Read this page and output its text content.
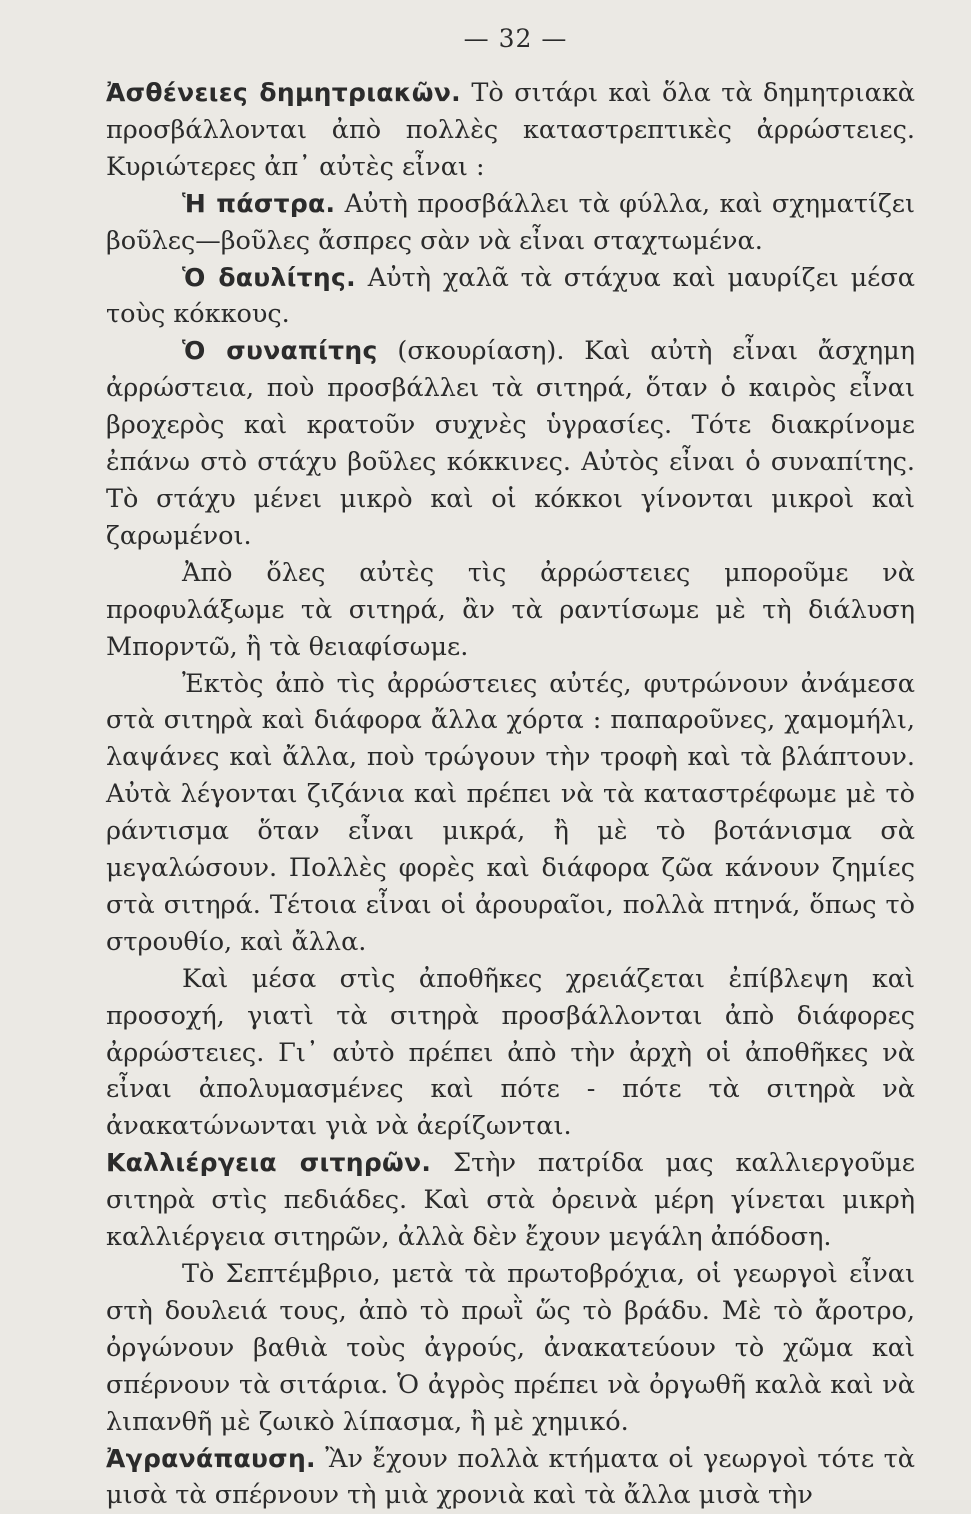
— 32 —

Ἀσθένειες δημητριακῶν. Τὸ σιτάρι καὶ ὅλα τὰ δημητριακὰ προσβάλλονται ἀπὸ πολλὲς καταστρεπτικὲς ἀρρώστειες. Κυριώτερες ἀπ᾿ αὐτὲς εἶναι :

Ἡ πάστρα. Αὐτὴ προσβάλλει τὰ φύλλα, καὶ σχηματίζει βοῦλες—βοῦλες ἄσπρες σὰν νὰ εἶναι σταχτωμένα.

Ὁ δαυλίτης. Αὐτὴ χαλᾶ τὰ στάχυα καὶ μαυρίζει μέσα τοὺς κόκκους.

Ὁ συναπίτης (σκουρίαση). Καὶ αὐτὴ εἶναι ἄσχημη ἀρρώστεια, ποὺ προσβάλλει τὰ σιτηρά, ὅταν ὁ καιρὸς εἶναι βροχερὸς καὶ κρατοῦν συχνὲς ὑγρασίες. Τότε διακρίνομε ἐπάνω στὸ στάχυ βοῦλες κόκκινες. Αὐτὸς εἶναι ὁ συναπίτης. Τὸ στάχυ μένει μικρὸ καὶ οἱ κόκκοι γίνονται μικροὶ καὶ ζαρωμένοι.

Ἀπὸ ὅλες αὐτὲς τὶς ἀρρώστειες μποροῦμε νὰ προφυλάξωμε τὰ σιτηρά, ἂν τὰ ραντίσωμε μὲ τὴ διάλυση Μπορντῶ, ἢ τὰ θειαφίσωμε.

Ἐκτὸς ἀπὸ τὶς ἀρρώστειες αὐτές, φυτρώνουν ἀνάμεσα στὰ σιτηρὰ καὶ διάφορα ἄλλα χόρτα : παπαροῦνες, χαμομήλι, λαψάνες καὶ ἄλλα, ποὺ τρώγουν τὴν τροφὴ καὶ τὰ βλάπτουν. Αὐτὰ λέγονται ζιζάνια καὶ πρέπει νὰ τὰ καταστρέφωμε μὲ τὸ ράντισμα ὅταν εἶναι μικρά, ἢ μὲ τὸ βοτάνισμα σὰ μεγαλώσουν. Πολλὲς φορὲς καὶ διάφορα ζῶα κάνουν ζημίες στὰ σιτηρά. Τέτοια εἶναι οἱ ἀρουραῖοι, πολλὰ πτηνά, ὅπως τὸ στρουθίο, καὶ ἄλλα.

Καὶ μέσα στὶς ἀποθῆκες χρειάζεται ἐπίβλεψη καὶ προσοχή, γιατὶ τὰ σιτηρὰ προσβάλλονται ἀπὸ διάφορες ἀρρώστειες. Γι᾿ αὐτὸ πρέπει ἀπὸ τὴν ἀρχὴ οἱ ἀποθῆκες νὰ εἶναι ἀπολυμασμένες καὶ πότε - πότε τὰ σιτηρὰ νὰ ἀνακατώνωνται γιὰ νὰ ἀερίζωνται.

Καλλιέργεια σιτηρῶν. Στὴν πατρίδα μας καλλιεργοῦμε σιτηρὰ στὶς πεδιάδες. Καὶ στὰ ὀρεινὰ μέρη γίνεται μικρὴ καλλιέργεια σιτηρῶν, ἀλλὰ δὲν ἔχουν μεγάλη ἀπόδοση.

Τὸ Σεπτέμβριο, μετὰ τὰ πρωτοβρόχια, οἱ γεωργοὶ εἶναι στὴ δουλειά τους, ἀπὸ τὸ πρωῒ ὥς τὸ βράδυ. Μὲ τὸ ἄροτρο, ὀργώνουν βαθιὰ τοὺς ἀγρούς, ἀνακατεύουν τὸ χῶμα καὶ σπέρνουν τὰ σιτάρια. Ὁ ἀγρὸς πρέπει νὰ ὀργωθῆ καλὰ καὶ νὰ λιπανθῆ μὲ ζωικὸ λίπασμα, ἢ μὲ χημικό.

Ἀγρανάπαυση. Ἂν ἔχουν πολλὰ κτήματα οἱ γεωργοὶ τότε τὰ μισὰ τὰ σπέρνουν τὴ μιὰ χρονιὰ καὶ τὰ ἄλλα μισὰ τὴν
